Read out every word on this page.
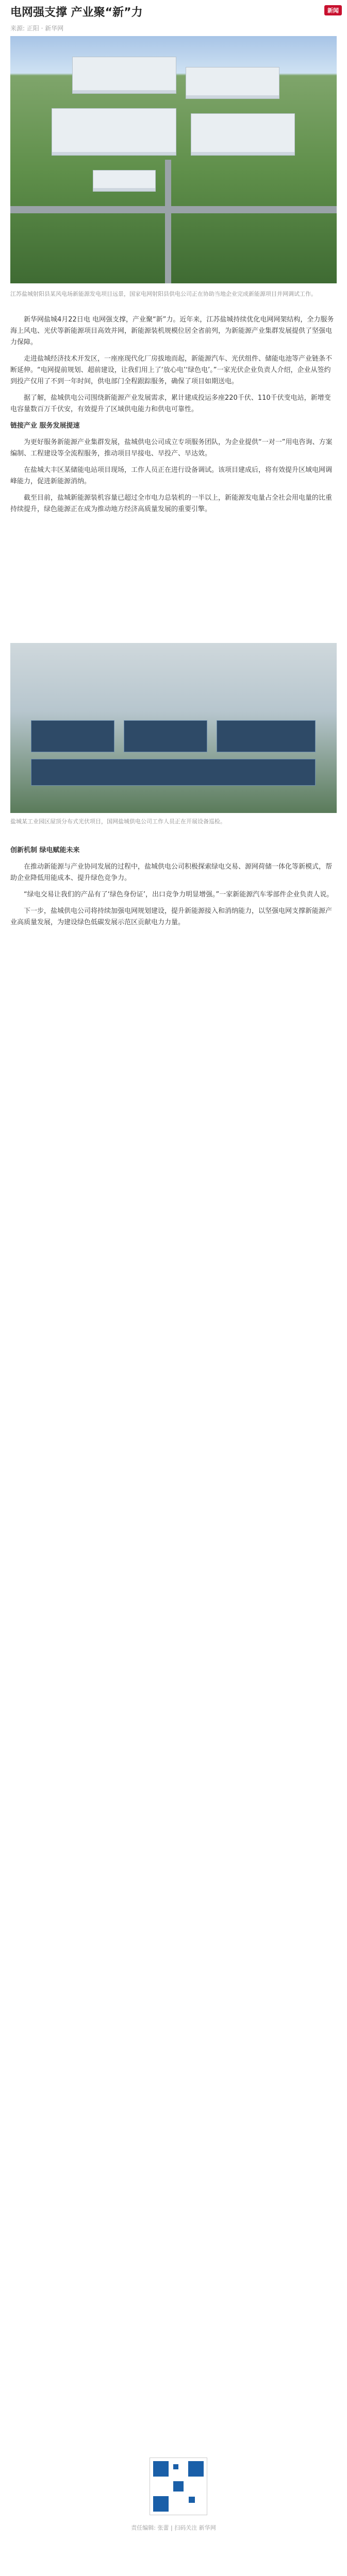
电网强支撑 产业聚“新”力
来源: 正阳 · 新华网
新闻
江苏盐城射阳县某风电场新能源发电项目远景，国家电网射阳县供电公司正在协助当地企业完成新能源项目并网调试工作。

新华网盐城4月22日电 电网强支撑，产业聚“新”力。近年来，江苏盐城持续优化电网网架结构，全力服务海上风电、光伏等新能源项目高效并网，新能源装机规模位居全省前列，为新能源产业集群发展提供了坚强电力保障。

走进盐城经济技术开发区，一座座现代化厂房拔地而起，新能源汽车、光伏组件、储能电池等产业链条不断延伸。“电网提前规划、超前建设，让我们用上了‘放心电’‘绿色电’。”一家光伏企业负责人介绍，企业从签约到投产仅用了不到一年时间，供电部门全程跟踪服务，确保了项目如期送电。

据了解，盐城供电公司围绕新能源产业发展需求，累计建成投运多座220千伏、110千伏变电站，新增变电容量数百万千伏安，有效提升了区域供电能力和供电可靠性。

链接产业 服务发展提速

为更好服务新能源产业集群发展，盐城供电公司成立专项服务团队，为企业提供“一对一”用电咨询、方案编制、工程建设等全流程服务，推动项目早接电、早投产、早达效。

在盐城大丰区某储能电站项目现场，工作人员正在进行设备调试。该项目建成后，将有效提升区域电网调峰能力，促进新能源消纳。

截至目前，盐城新能源装机容量已超过全市电力总装机的一半以上，新能源发电量占全社会用电量的比重持续提升，绿色能源正在成为推动地方经济高质量发展的重要引擎。

盐城某工业园区屋顶分布式光伏项目，国网盐城供电公司工作人员正在开展设备巡检。

创新机制 绿电赋能未来

在推动新能源与产业协同发展的过程中，盐城供电公司积极探索绿电交易、源网荷储一体化等新模式，帮助企业降低用能成本、提升绿色竞争力。

“绿电交易让我们的产品有了‘绿色身份证’，出口竞争力明显增强。”一家新能源汽车零部件企业负责人说。

下一步，盐城供电公司将持续加强电网规划建设，提升新能源接入和消纳能力，以坚强电网支撑新能源产业高质量发展，为建设绿色低碳发展示范区贡献电力力量。

责任编辑: 张蕾 | 扫码关注 新华网
